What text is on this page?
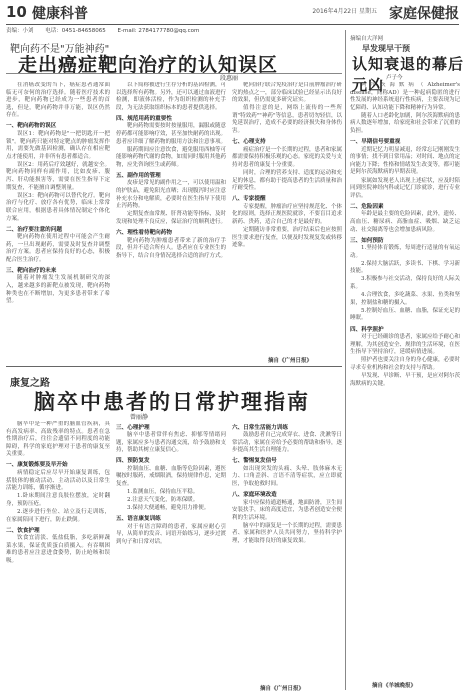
10 健康科普	2016年4月22日 星期五 家庭保健报
责编：小刘 电话：0451-84658065 E-mail: 2784177780@qq.com
靶向药不是"万能神药"
走出癌症靶向治疗的认知误区
段惠丽

在消癌改变的当下，癌症患者通常面临无可奈何的治疗选择。随着医疗技术的进步，靶向药物已经成为一些患者的首选，但是，靶向药物并非万能，误区仍然存在。

一、靶向药物的误区

误区1：靶向药物是"一把钥匙开一把锁"。靶向药只能对特定靶点的肿瘤发挥作用，需要先做基因检测，确认存在相应靶点才能使用，并非所有患者都适合。

误区2：用药后疗效越好，就越安全。靶向药物同样有副作用，比如皮疹、腹泻、肝功能损害等，需要在医生指导下定期复查，不能擅自调整剂量。

误区3：靶向药物可以替代化疗。靶向治疗与化疗、放疗各有优势，临床上常常联合应用，根据患者具体情况制定个体化方案。

二、治疗要注意的问题

靶向药物在使用过程中可能会产生耐药，一旦出现耐药，需要及时复查并调整治疗方案。患者应保持良好的心态，积极配合医生治疗。

三、靶向治疗的未来

随着对肿瘤发生发展机制研究的深入，越来越多的新靶点被发现，靶向药物种类也在不断增加，为更多患者带来了希望。

以下简称被进行生存分析的基因检测，可以选择所有药物。另外，还可以通过血液进行检测，即液体活检，作为组织检测的补充手段，为无法获取组织标本的患者提供选择。

四、规范用药的重要性

靶向药物需要按时按量服用，漏服或随意停药都可能影响疗效，甚至加快耐药的出现。患者应详细了解药物的服用方法和注意事项。

服药期间应注意饮食，避免服用西柚等可能影响药物代谢的食物，如需同时服用其他药物，应先咨询医生或药师。

五、副作用的管理

皮疹是常见的副作用之一，可以使用温和的护肤品，避免阳光直晒；出现腹泻时应注意补充水分和电解质，必要时在医生指导下使用止泻药物。

定期复查血常规、肝肾功能等指标，及时发现和处理不良反应，保证治疗的顺利进行。

六、理性看待靶向药物

靶向药物为肿瘤患者带来了新的治疗手段，但并不适合所有人。患者应在专业医生的指导下，结合自身情况选择合适的治疗方式。

靶向治疗联合免疫治疗是目前肿瘤治疗研究的热点之一，部分临床试验已经显示出良好的效果，但仍需更多研究证实。

值得注意的是，网络上流传的一些所谓"特效药""神药"等信息，患者切勿轻信，以免延误治疗，造成不必要的经济损失和身体伤害。

七、心理支持

癌症治疗是一个长期的过程，患者和家属都需要保持积极乐观的心态。家庭的关爱与支持对患者的康复十分重要。

同时，合理的营养支持、适度的运动和充足的休息，都有助于提高患者的生活质量和治疗耐受性。

八、专家提醒

专家提醒，肿瘤治疗应坚持规范化、个体化的原则，选择正规医院就诊，不要盲目追求新药、贵药，适合自己的才是最好的。

定期随访非常重要，治疗结束后也应按照医生要求进行复查，以便及时发现复发或转移迹象。

摘自《广州日报》
康复之路
脑卒中患者的日常护理指南
曾丽静

脑卒中是一种严重的脑血管疾病，具有高发病率、高致残率的特点。患者在急性期治疗后，往往会遗留不同程度的功能障碍，科学的家庭护理对于患者的康复至关重要。

一、康复锻炼要及早开始

病情稳定后应尽早开始康复训练，包括肢体的被动活动、主动活动以及日常生活能力训练，循序渐进。

1.卧床期间注意良肢位摆放，定时翻身，预防压疮。

2.逐步进行坐位、站立及行走训练，在家属陪同下进行，防止跌倒。

二、饮食护理

饮食宜清淡、低盐低脂，多吃新鲜蔬菜水果，保证优质蛋白质摄入。有吞咽困难的患者应注意进食姿势，防止呛咳和误吸。

三、心理护理

脑卒中患者常伴有焦虑、抑郁等情绪问题，家属应多与患者沟通交流，给予鼓励和支持，帮助其树立康复信心。

四、预防复发

控制血压、血糖、血脂等危险因素，遵医嘱按时服药，戒烟限酒，保持规律作息，定期复查。

1.监测血压，保持血压平稳。

2.注意天气变化，防寒保暖。

3.保持大便通畅，避免用力排便。

五、语言康复训练

对于有语言障碍的患者，家属应耐心引导，从简单的发音、词语开始练习，逐步过渡到句子和日常对话。

六、日常生活能力训练

鼓励患者自己完成穿衣、进食、洗漱等日常活动，家属在旁给予必要的帮助和指导，逐步提高其生活自理能力。

七、警惕复发信号

如出现突发的头痛、头晕、肢体麻木无力、口角歪斜、言语不清等症状，应立即就医，争取抢救时间。

八、家庭环境改造

家中应保持通道畅通，地面防滑，卫生间安装扶手，床的高度适宜，为患者创造安全便利的生活环境。

脑卒中的康复是一个长期的过程，需要患者、家属和医护人员共同努力，坚持科学护理，才能取得良好的康复效果。

摘自《广州日报》
摘编自大洋网
早发现早干预
认知衰退的幕后元凶 卢子今

阿尔茨海默病（Alzheimer's disease，简称AD）是一种起病隐匿的进行性发展的神经系统退行性疾病，主要表现为记忆障碍、认知功能下降和精神行为异常。

随着人口老龄化加剧，阿尔茨海默病的患病人数逐年增加，给家庭和社会带来了沉重的负担。

一、早期信号要重视

近期记忆力明显减退，经常忘记刚刚发生的事情；找不到日常用品；对时间、地点的定向能力下降；性格和情绪发生改变等，都可能是阿尔茨海默病的早期表现。

家属如发现老人出现上述症状，应及时陪同到医院神经内科或记忆门诊就诊，进行专业评估。

二、危险因素

年龄是最主要的危险因素，此外，遗传、高血压、糖尿病、高脂血症、吸烟、缺乏运动、社交隔离等也会增加患病风险。

三、如何预防

1.坚持体育锻炼，每周进行适量的有氧运动。

2.保持大脑活跃，多读书、下棋、学习新技能。

3.积极参与社交活动，保持良好的人际关系。

4.合理饮食，多吃蔬菜、水果、鱼类和坚果，控制盐和糖的摄入。

5.控制好血压、血糖、血脂，保证充足的睡眠。

四、科学照护

对于已经确诊的患者，家属应给予耐心和理解，为其创造安全、规律的生活环境，在医生指导下坚持治疗，延缓病情进展。

照护者也要关注自身的身心健康，必要时寻求专业机构和社会的支持与帮助。

早发现、早诊断、早干预，是应对阿尔茨海默病的关键。

摘自《羊城晚报》
